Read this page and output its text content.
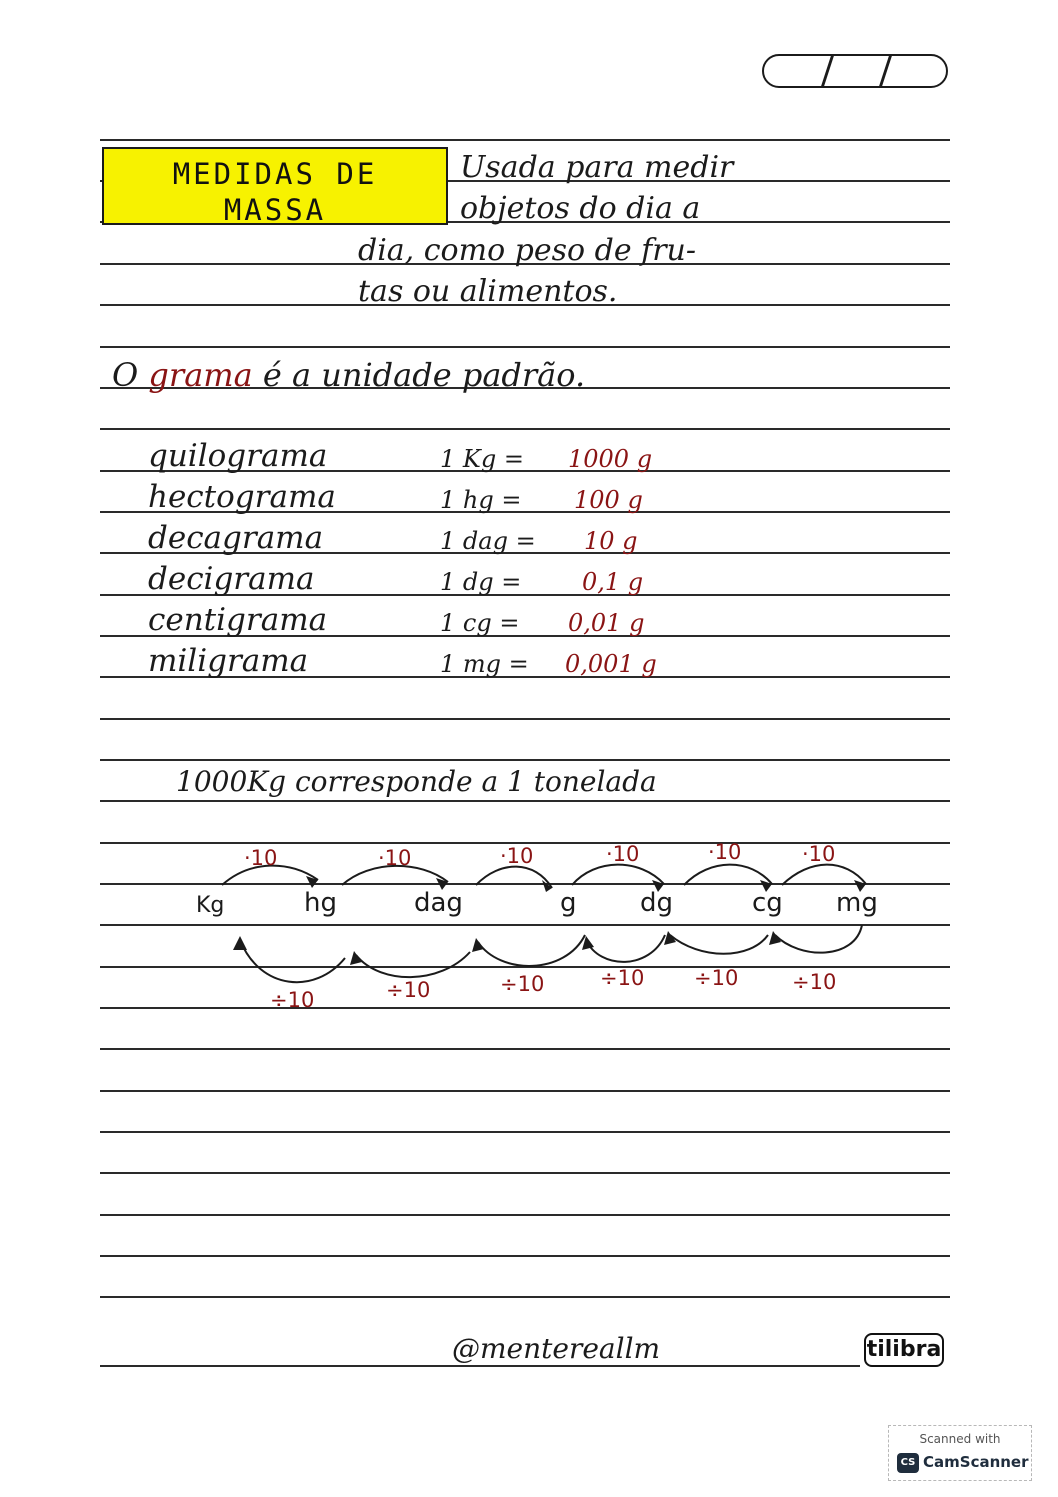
MEDIDAS DE
MASSA
Usada para medir
objetos do dia a
dia, como peso de fru-
tas ou alimentos.
O grama é a unidade padrão.
quilograma	1 Kg = 1000 g
hectograma	1 hg = 100 g
decagrama	1 dag = 10 g
decigrama	1 dg =	0,1 g
centigrama	1 cg = 0,01 g
miligrama	1 mg = 0,001 g
1000Kg corresponde a 1 tonelada
·10	·10	·10	·10	·10	·10
Kg	hg	dag	g dg	cg mg
÷10	÷10	÷10	÷10 ÷10	÷10
@mentereallm	tilibra
Scanned with
CS CamScanner
